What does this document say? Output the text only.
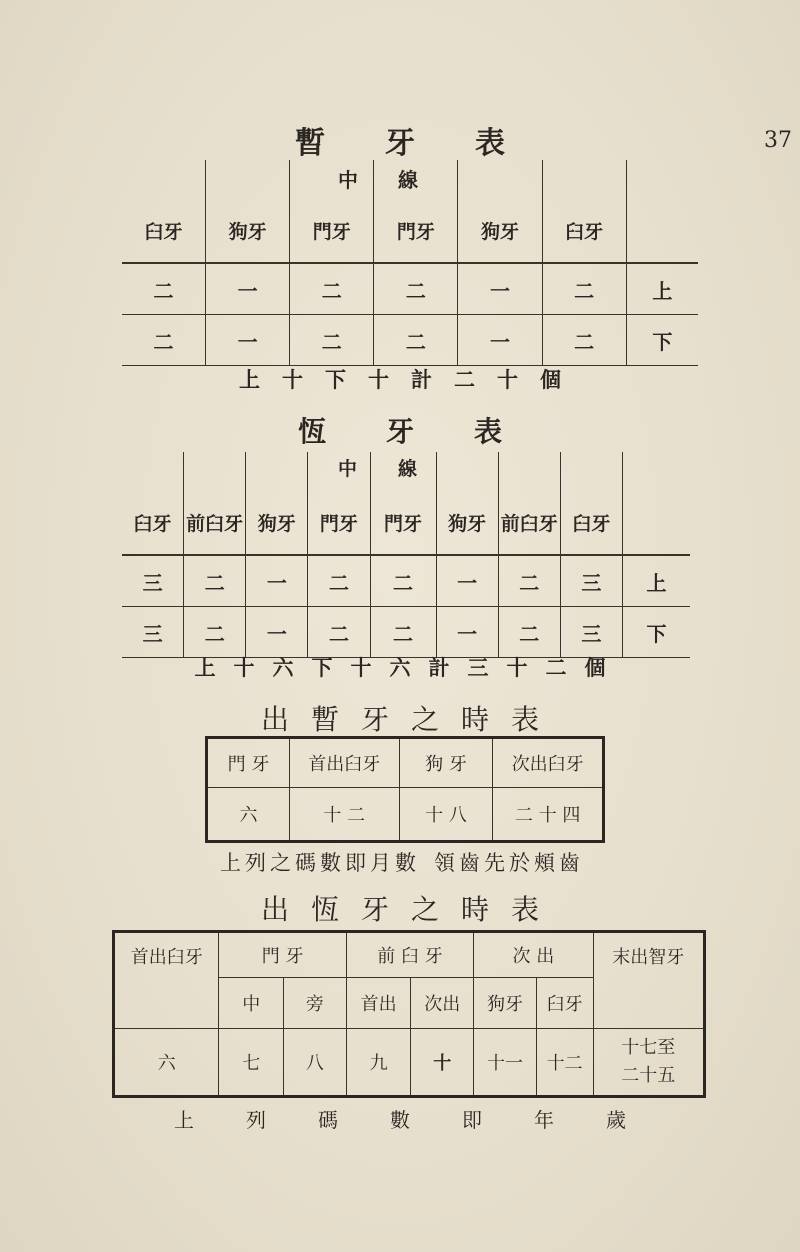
37
暫 牙 表
中 線
臼牙	狗牙	門牙	門牙	狗牙	臼牙	
二	一	二	二	一	二	上
二	一	二	二	一	二	下
上 十 下 十 計 二 十 個
恆 牙 表
中 線
臼牙	前臼牙	狗牙	門牙	門牙	狗牙	前臼牙	臼牙	
三	二	一	二	二	一	二	三	上
三	二	一	二	二	一	二	三	下
上 十 六 下 十 六 計 三 十 二 個
出 暫 牙 之 時 表
門 牙	首出臼牙	狗 牙	次出臼牙
六	十 二	十 八	二 十 四
上 列 之 碼 數 即 月 數 領 齒 先 於 頰 齒
出 恆 牙 之 時 表
首出臼牙	門 牙		前 臼 牙		次 出		末出智牙
	中	旁	首出	次出	狗牙	臼牙	
六	七	八	九	十	十一	十二	十七至
二十五
上	列	碼	數	即	年	歲
